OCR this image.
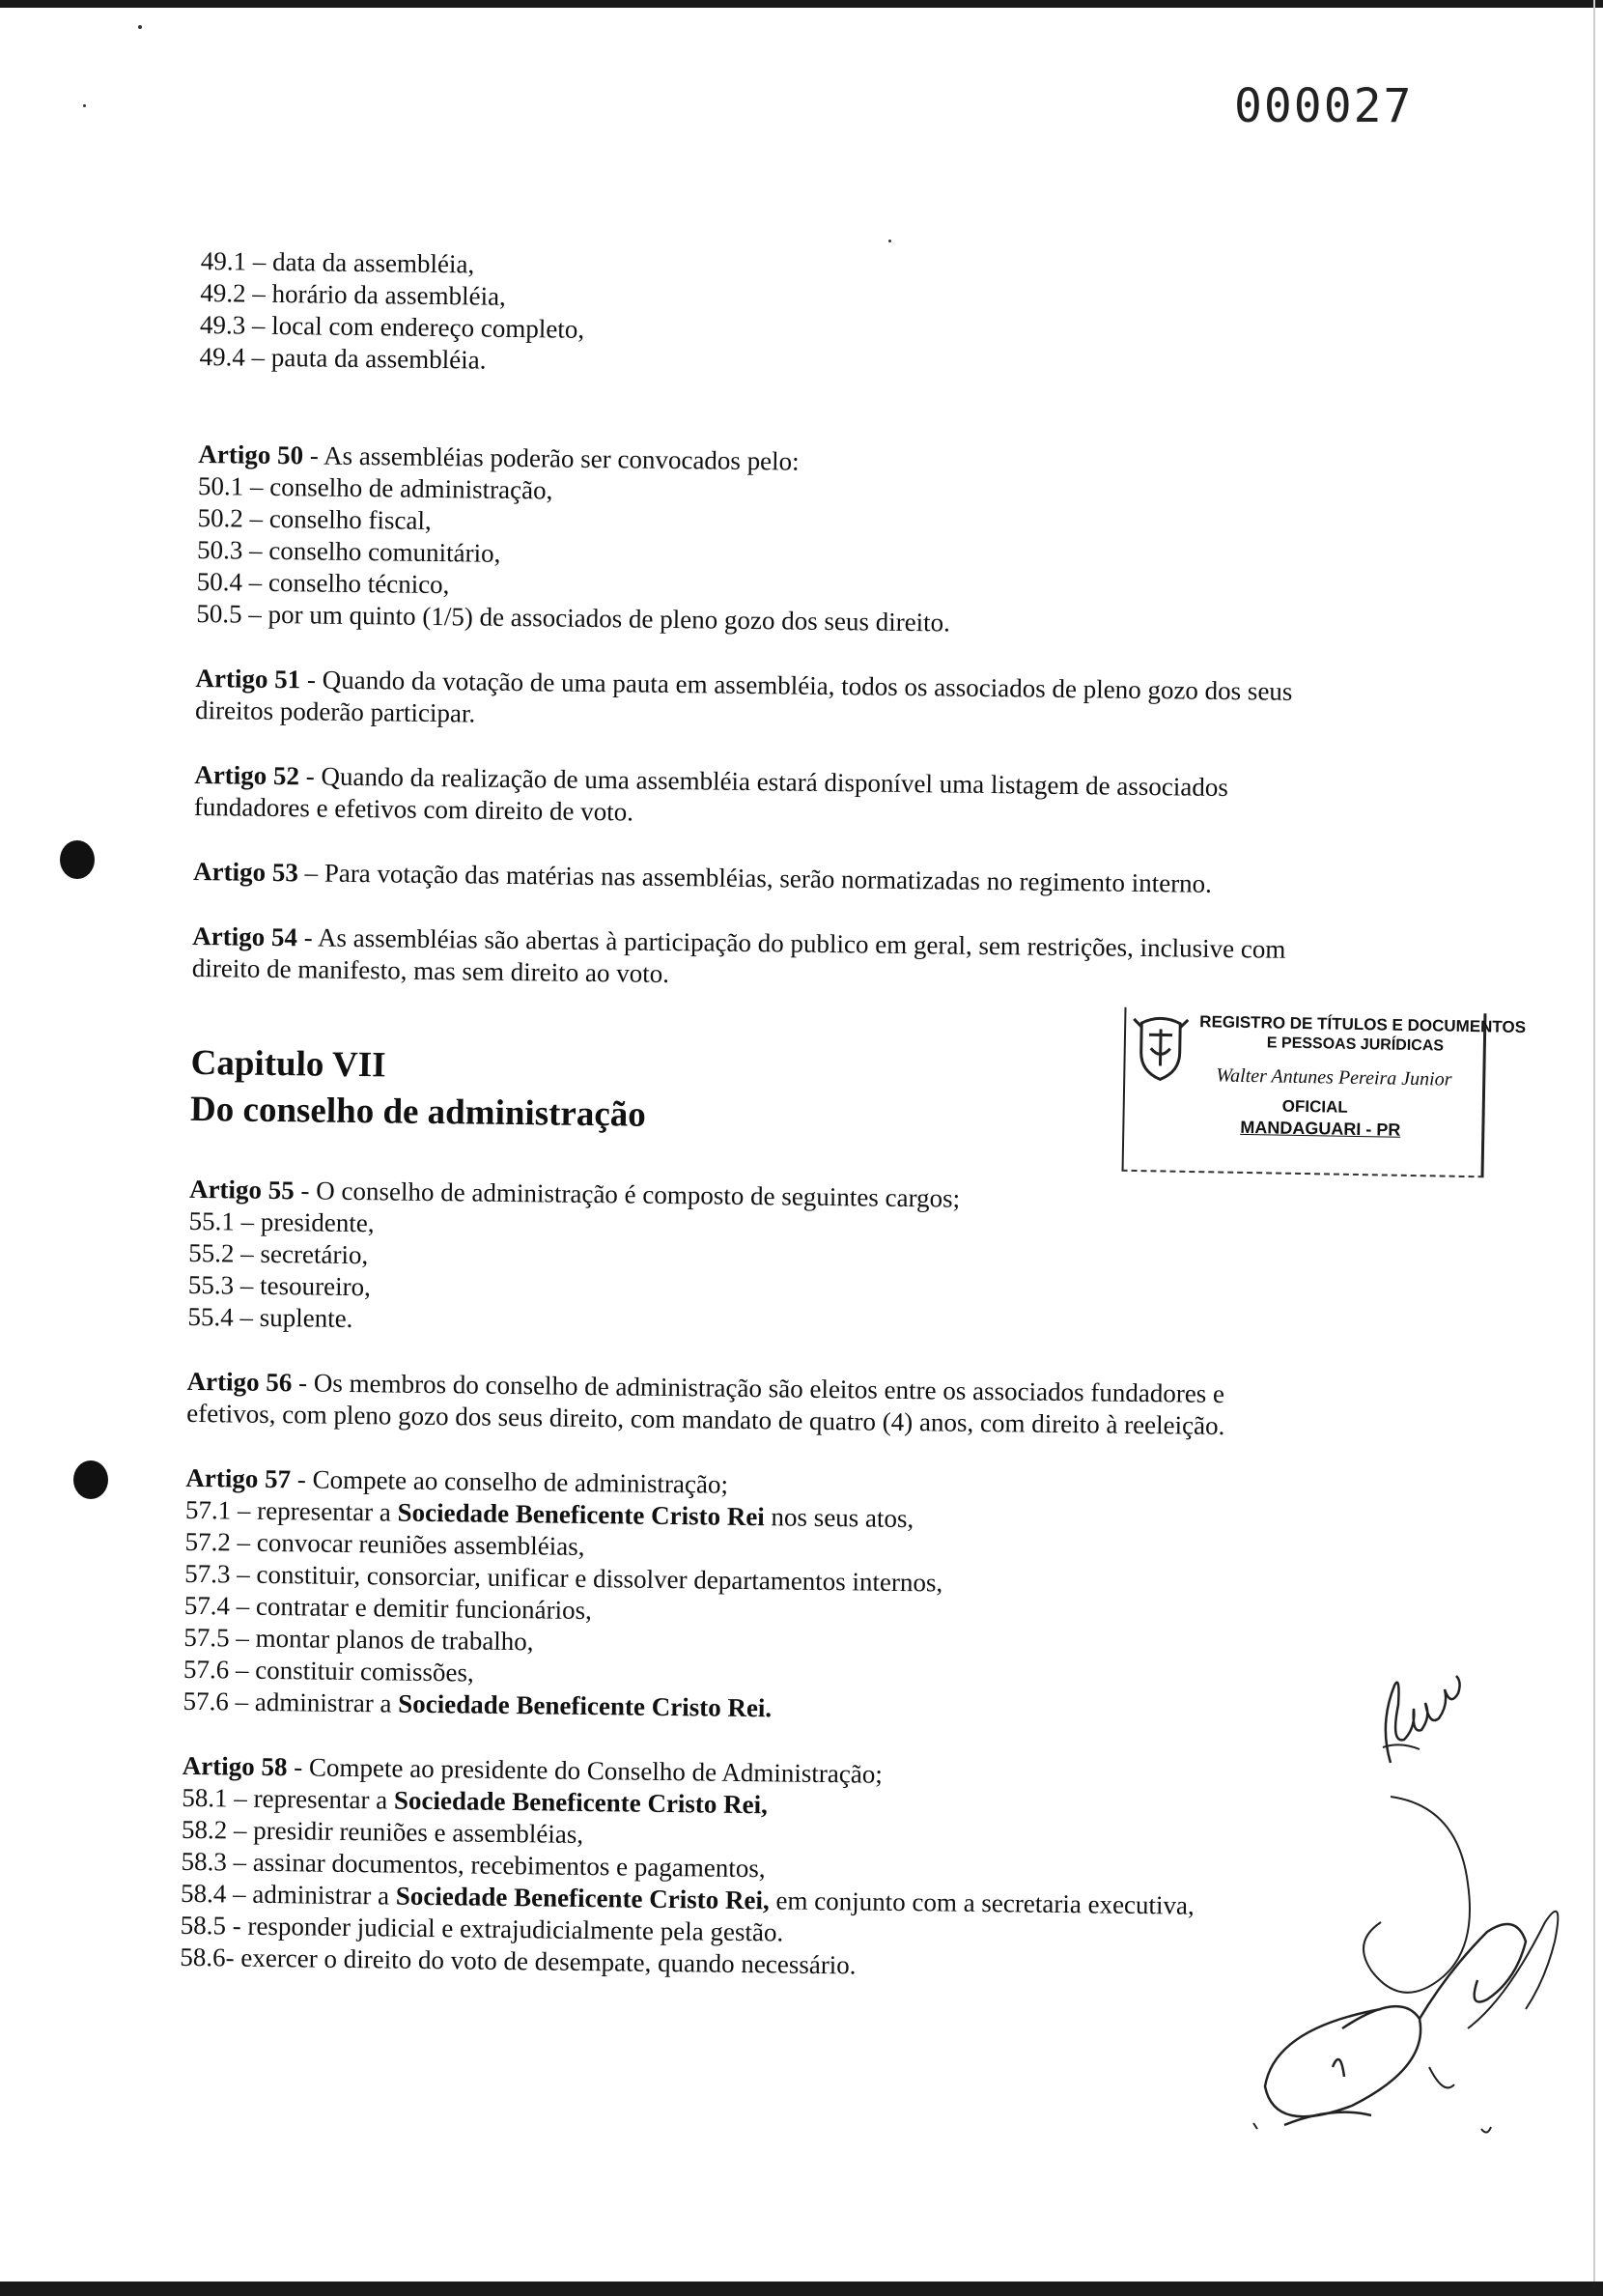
000027
49.1 – data da assembléia,
49.2 – horário da assembléia,
49.3 – local com endereço completo,
49.4 – pauta da assembléia.
Artigo 50 - As assembléias poderão ser convocados pelo:
50.1 – conselho de administração,
50.2 – conselho fiscal,
50.3 – conselho comunitário,
50.4 – conselho técnico,
50.5 – por um quinto (1/5) de associados de pleno gozo dos seus direito.
Artigo 51 - Quando da votação de uma pauta em assembléia, todos os associados de pleno gozo dos seus
direitos poderão participar.
Artigo 52 - Quando da realização de uma assembléia estará disponível uma listagem de associados
fundadores e efetivos com direito de voto.
Artigo 53 – Para votação das matérias nas assembléias, serão normatizadas no regimento interno.
Artigo 54 - As assembléias são abertas à participação do publico em geral, sem restrições, inclusive com
direito de manifesto, mas sem direito ao voto.
Capitulo VII
Do conselho de administração
Artigo 55 - O conselho de administração é composto de seguintes cargos;
55.1 – presidente,
55.2 – secretário,
55.3 – tesoureiro,
55.4 – suplente.
Artigo 56 - Os membros do conselho de administração são eleitos entre os associados fundadores e
efetivos, com pleno gozo dos seus direito, com mandato de quatro (4) anos, com direito à reeleição.
Artigo 57 - Compete ao conselho de administração;
57.1 – representar a Sociedade Beneficente Cristo Rei nos seus atos,
57.2 – convocar reuniões assembléias,
57.3 – constituir, consorciar, unificar e dissolver departamentos internos,
57.4 – contratar e demitir funcionários,
57.5 – montar planos de trabalho,
57.6 – constituir comissões,
57.6 – administrar a Sociedade Beneficente Cristo Rei.
Artigo 58 - Compete ao presidente do Conselho de Administração;
58.1 – representar a Sociedade Beneficente Cristo Rei,
58.2 – presidir reuniões e assembléias,
58.3 – assinar documentos, recebimentos e pagamentos,
58.4 – administrar a Sociedade Beneficente Cristo Rei, em conjunto com a secretaria executiva,
58.5 - responder judicial e extrajudicialmente pela gestão.
58.6- exercer o direito do voto de desempate, quando necessário.
REGISTRO DE TÍTULOS E DOCUMENTOS
E PESSOAS JURÍDICAS
Walter Antunes Pereira Junior
OFICIAL
MANDAGUARI - PR
